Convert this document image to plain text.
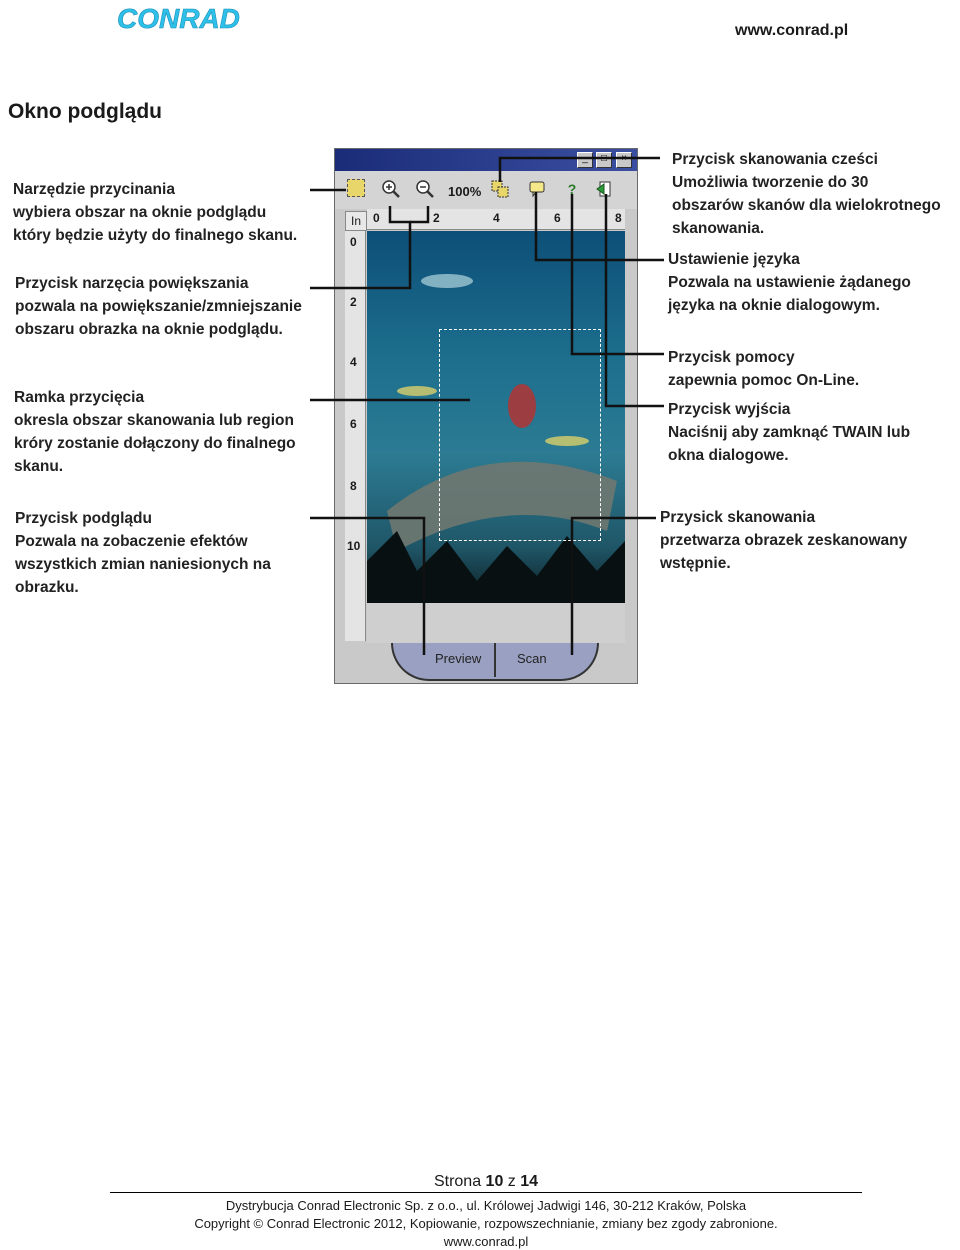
CONRAD	www.conrad.pl
Okno podglądu
Narzędzie przycinania
wybiera obszar na oknie podglądu
który będzie użyty do finalnego skanu.
Przycisk narzęcia powiększania
pozwala na powiększanie/zmniejszanie
obszaru obrazka na oknie podglądu.
Ramka przycięcia
okresla obszar skanowania lub region
króry zostanie dołączony do finalnego
skanu.
Przycisk podglądu
Pozwala na zobaczenie efektów
wszystkich zmian naniesionych na
obrazku.
Przycisk skanowania cześci
Umożliwia tworzenie do 30
obszarów skanów dla wielokrotnego
skanowania.
Ustawienie języka
Pozwala na ustawienie żądanego
języka na oknie dialogowym.
Przycisk pomocy
zapewnia pomoc On-Line.
Przycisk wyjścia
Naciśnij aby zamknąć TWAIN lub
okna dialogowe.
Przysick skanowania
przetwarza obrazek zeskanowany
wstępnie.
_	□	×
100%	?
In	0	2	4	6	8
0
2
4
6
8
10
Preview	Scan
Strona 10 z 14
Dystrybucja Conrad Electronic Sp. z o.o., ul. Królowej Jadwigi 146, 30-212 Kraków, Polska
Copyright © Conrad Electronic 2012, Kopiowanie, rozpowszechnianie, zmiany bez zgody zabronione.
www.conrad.pl
